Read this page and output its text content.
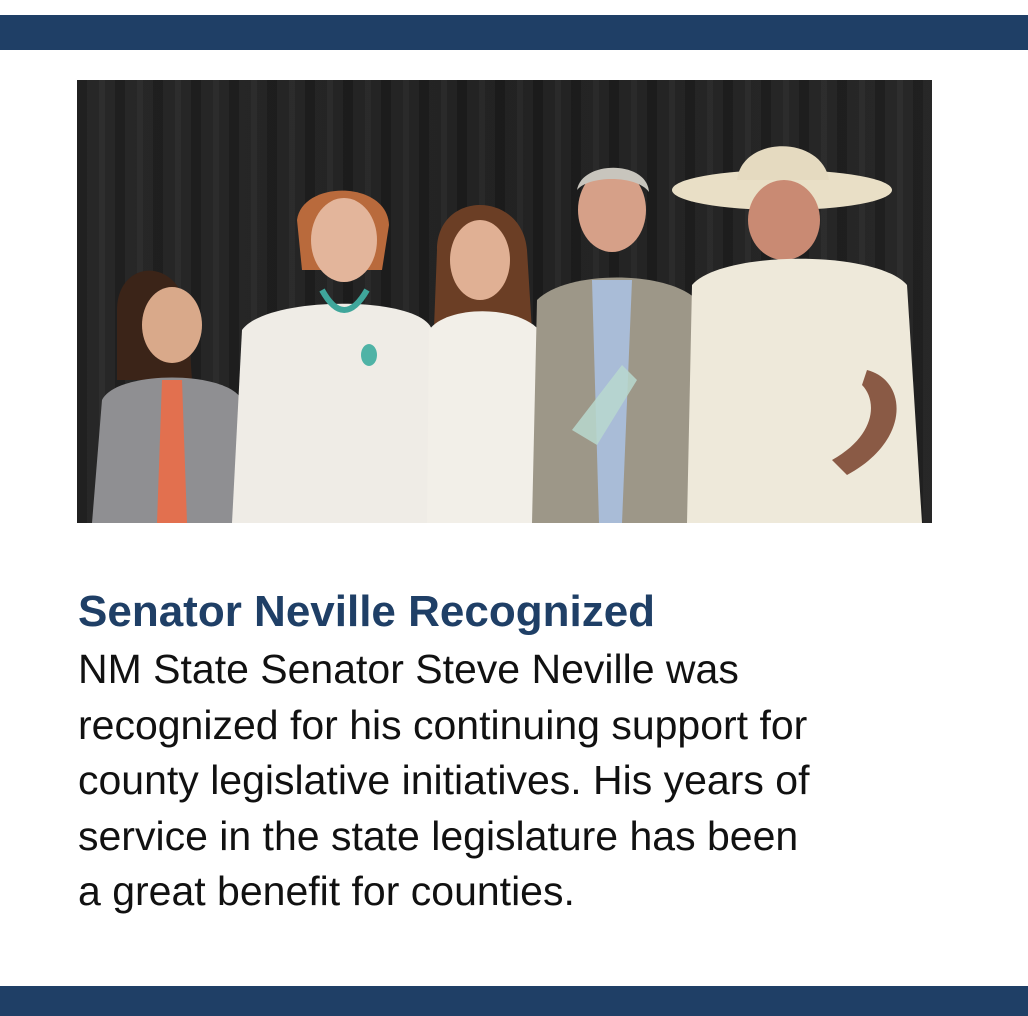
Senator Neville Recognized

NM State Senator Steve Neville was
recognized for his continuing support for
county legislative initiatives. His years of
service in the state legislature has been
a great benefit for counties.
